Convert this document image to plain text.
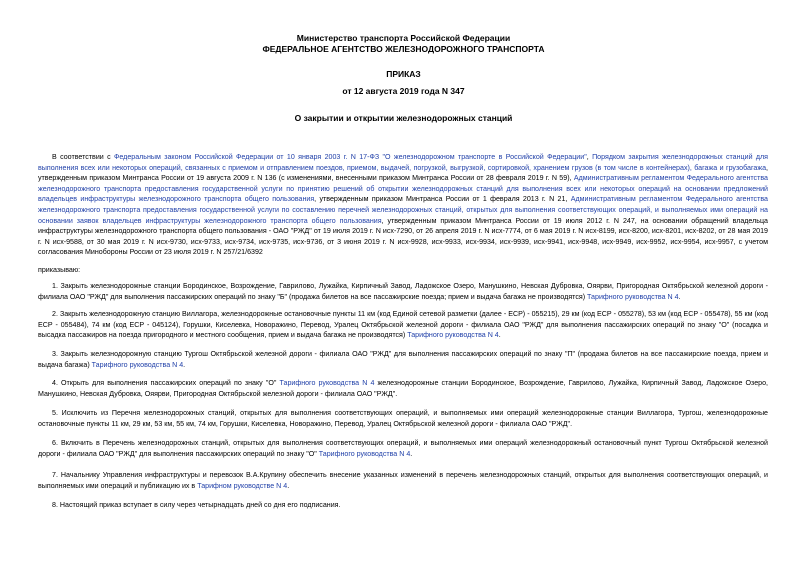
Министерство транспорта Российской Федерации
ФЕДЕРАЛЬНОЕ АГЕНТСТВО ЖЕЛЕЗНОДОРОЖНОГО ТРАНСПОРТА
ПРИКАЗ
от 12 августа 2019 года N 347
О закрытии и открытии железнодорожных станций

В соответствии с Федеральным законом Российской Федерации от 10 января 2003 г. N 17-ФЗ "О железнодорожном транспорте в Российской Федерации", Порядком закрытия железнодорожных станций для выполнения всех или некоторых операций, связанных с приемом и отправлением поездов, приемом, выдачей, погрузкой, выгрузкой, сортировкой, хранением грузов (в том числе в контейнерах), багажа и грузобагажа, утвержденным приказом Минтранса России от 19 августа 2009 г. N 136 (с изменениями, внесенными приказом Минтранса России от 28 февраля 2019 г. N 59), Административным регламентом Федерального агентства железнодорожного транспорта предоставления государственной услуги по принятию решений об открытии железнодорожных станций для выполнения всех или некоторых операций на основании предложений владельцев инфраструктуры железнодорожного транспорта общего пользования, утвержденным приказом Минтранса России от 1 февраля 2013 г. N 21, Административным регламентом Федерального агентства железнодорожного транспорта предоставления государственной услуги по составлению перечней железнодорожных станций, открытых для выполнения соответствующих операций, и выполняемых ими операций на основании заявок владельцев инфраструктуры железнодорожного транспорта общего пользования, утвержденным приказом Минтранса России от 19 июля 2012 г. N 247, на основании обращений владельца инфраструктуры железнодорожного транспорта общего пользования - ОАО "РЖД" от 19 июля 2019 г. N исх-7290, от 26 апреля 2019 г. N исх-7774, от 6 мая 2019 г. N исх-8199, исх-8200, исх-8201, исх-8202, от 28 мая 2019 г. N исх-9588, от 30 мая 2019 г. N исх-9730, исх-9733, исх-9734, исх-9735, исх-9736, от 3 июня 2019 г. N исх-9928, исх-9933, исх-9934, исх-9939, исх-9941, исх-9948, исх-9949, исх-9952, исх-9954, исх-9957, с учетом согласования Минобороны России от 23 июля 2019 г. N 257/21/6392

приказываю:

1. Закрыть железнодорожные станции Бородинское, Возрождение, Гаврилово, Лужайка, Кирпичный Завод, Ладожское Озеро, Манушкино, Невская Дубровка, Ояярви, Пригородная Октябрьской железной дороги - филиала ОАО "РЖД" для выполнения пассажирских операций по знаку "Б" (продажа билетов на все пассажирские поезда; прием и выдача багажа не производятся) Тарифного руководства N 4.

2. Закрыть железнодорожную станцию Виллагора, железнодорожные остановочные пункты 11 км (код Единой сетевой разметки (далее - ЕСР) - 055215), 29 км (код ЕСР - 055278), 53 км (код ЕСР - 055478), 55 км (код ЕСР - 055484), 74 км (код ЕСР - 045124), Горушки, Киселевка, Новоражино, Перевод, Уралец Октябрьской железной дороги - филиала ОАО "РЖД" для выполнения пассажирских операций по знаку "О" (посадка и высадка пассажиров на поезда пригородного и местного сообщения, прием и выдача багажа не производятся) Тарифного руководства N 4.

3. Закрыть железнодорожную станцию Тургош Октябрьской железной дороги - филиала ОАО "РЖД" для выполнения пассажирских операций по знаку "П" (продажа билетов на все пассажирские поезда, прием и выдача багажа) Тарифного руководства N 4.

4. Открыть для выполнения пассажирских операций по знаку "О" Тарифного руководства N 4 железнодорожные станции Бородинское, Возрождение, Гаврилово, Лужайка, Кирпичный Завод, Ладожское Озеро, Манушкино, Невская Дубровка, Ояярви, Пригородная Октябрьской железной дороги - филиала ОАО "РЖД".

5. Исключить из Перечня железнодорожных станций, открытых для выполнения соответствующих операций, и выполняемых ими операций железнодорожные станции Виллагора, Тургош, железнодорожные остановочные пункты 11 км, 29 км, 53 км, 55 км, 74 км, Горушки, Киселевка, Новоражино, Перевод, Уралец Октябрьской железной дороги - филиала ОАО "РЖД".

6. Включить в Перечень железнодорожных станций, открытых для выполнения соответствующих операций, и выполняемых ими операций железнодорожный остановочный пункт Тургош Октябрьской железной дороги - филиала ОАО "РЖД" для выполнения пассажирских операций по знаку "О" Тарифного руководства N 4.

7. Начальнику Управления инфраструктуры и перевозок В.А.Крупину обеспечить внесение указанных изменений в перечень железнодорожных станций, открытых для выполнения соответствующих операций, и выполняемых ими операций и публикацию их в Тарифном руководстве N 4.

8. Настоящий приказ вступает в силу через четырнадцать дней со дня его подписания.
